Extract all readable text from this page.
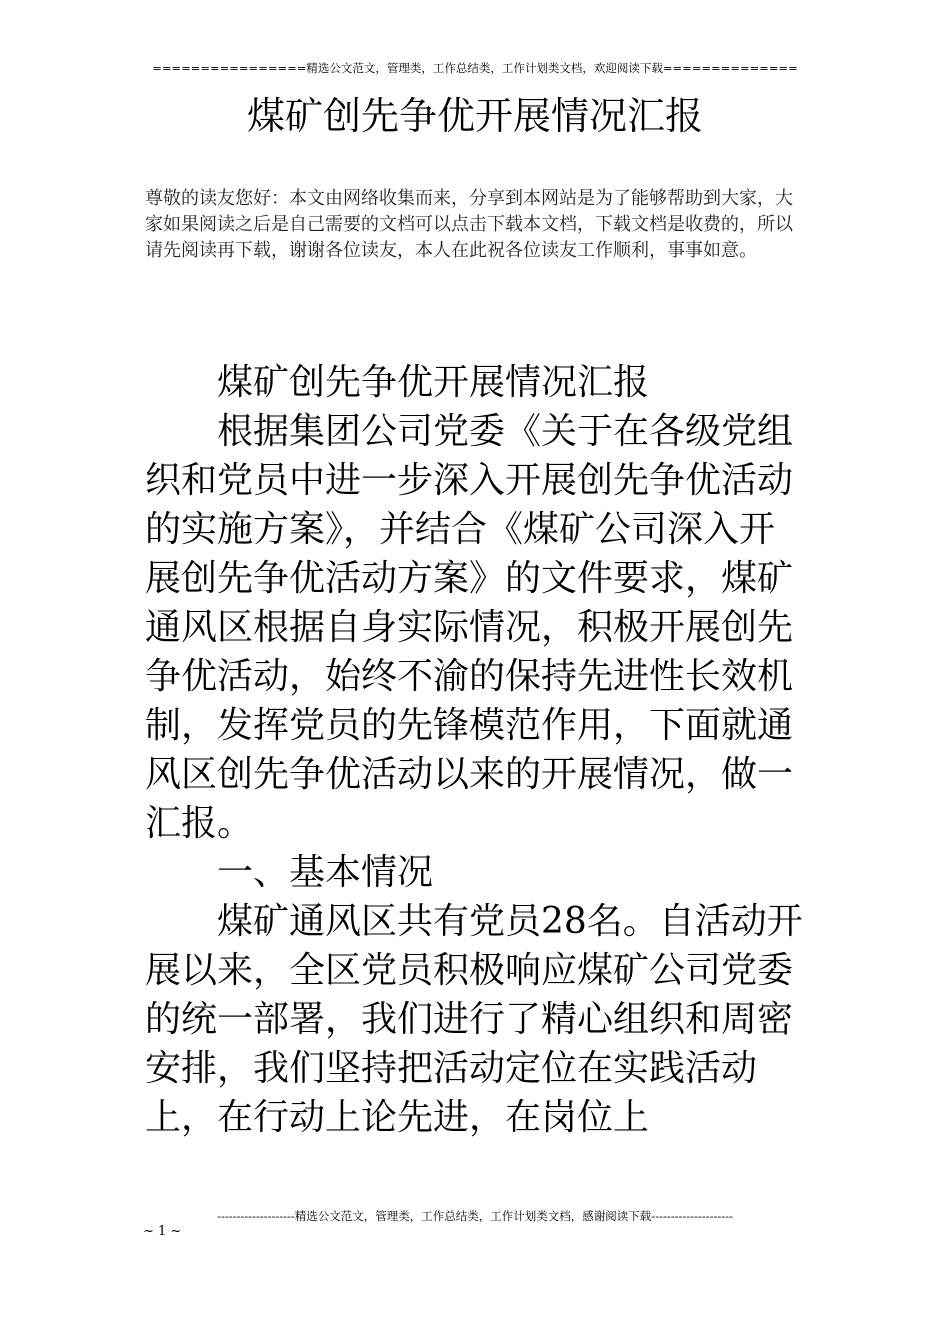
================精选公文范文，管理类，工作总结类，工作计划类文档，欢迎阅读下载==============
煤矿创先争优开展情况汇报

尊敬的读友您好：本文由网络收集而来，分享到本网站是为了能够帮助到大家，大家如果阅读之后是自己需要的文档可以点击下载本文档，下载文档是收费的，所以请先阅读再下载，谢谢各位读友，本人在此祝各位读友工作顺利，事事如意。

煤矿创先争优开展情况汇报

根据集团公司党委《关于在各级党组织和党员中进一步深入开展创先争优活动的实施方案》，并结合《煤矿公司深入开展创先争优活动方案》的文件要求，煤矿通风区根据自身实际情况，积极开展创先争优活动，始终不渝的保持先进性长效机制，发挥党员的先锋模范作用，下面就通风区创先争优活动以来的开展情况，做一汇报。

一、基本情况

煤矿通风区共有党员28名。自活动开展以来，全区党员积极响应煤矿公司党委的统一部署，我们进行了精心组织和周密安排，我们坚持把活动定位在实践活动上，在行动上论先进，在岗位上

--------------------精选公文范文，管理类，工作总结类，工作计划类文档，感谢阅读下载---------------------
~ 1 ~
